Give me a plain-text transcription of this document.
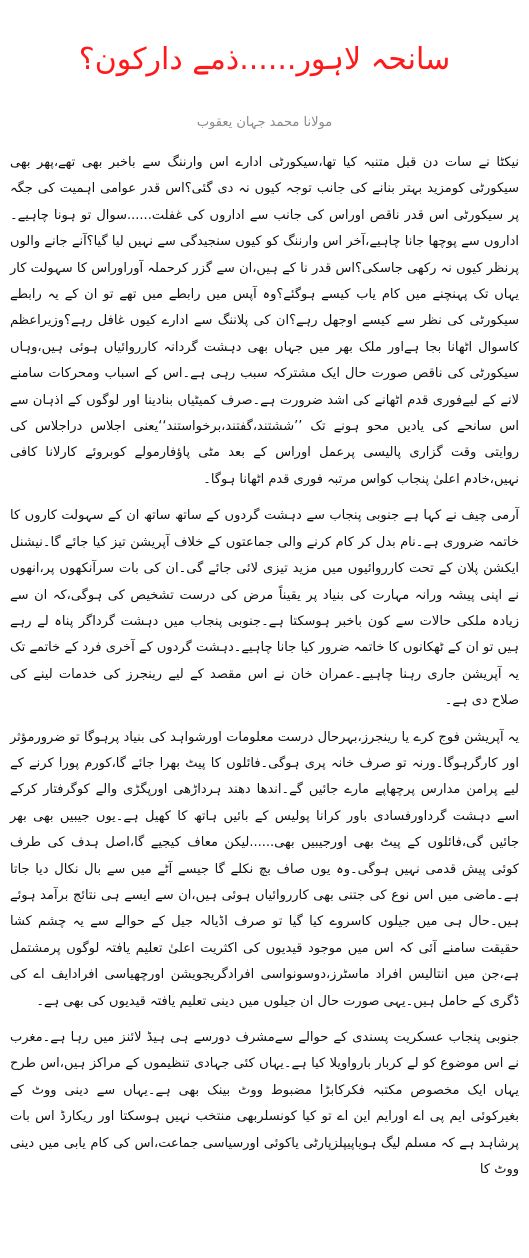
سانحہ لاہور......ذمے دارکون؟
مولانا محمد جہان یعقوب

نیکٹا نے سات دن قبل متنبہ کیا تھا،سیکورٹی ادارے اس وارننگ سے باخبر بھی تھے،پھر بھی سیکورٹی کومزید بہتر بنانے کی جانب توجہ کیوں نہ دی گئی؟اس قدر عوامی اہمیت کی جگہ پر سیکورٹی اس قدر ناقص اوراس کی جانب سے اداروں کی غفلت......سوال تو ہونا چاہیے۔اداروں سے پوچھا جانا چاہیے،آخر اس وارننگ کو کیوں سنجیدگی سے نہیں لیا گیا؟آنے جانے والوں پرنظر کیوں نہ رکھی جاسکی؟اس قدر نا کے ہیں،ان سے گزر کرحملہ آوراوراس کا سہولت کار یہاں تک پہنچنے میں کام یاب کیسے ہوگئے؟وہ آپس میں رابطے میں تھے تو ان کے یہ رابطے سیکورٹی کی نظر سے کیسے اوجھل رہے؟ان کی پلاننگ سے ادارے کیوں غافل رہے؟وزیراعظم کاسوال اٹھانا بجا ہےاور ملک بھر میں جہاں بھی دہشت گردانہ کارروائیاں ہوئی ہیں،وہاں سیکورٹی کی ناقص صورت حال ایک مشترکہ سبب رہی ہے۔اس کے اسباب ومحرکات سامنے لانے کے لیےفوری قدم اٹھانے کی اشد ضرورت ہے۔صرف کمیٹیاں بنادینا اور لوگوں کے اذہان سے اس سانحے کی یادیں محو ہونے تک ’’ششتند،گفتند،برخواستند‘‘یعنی اجلاس دراجلاس کی روایتی وقت گزاری پالیسی پرعمل اوراس کے بعد مٹی پاؤفارمولے کوبروئے کارلانا کافی نہیں،خادم اعلیٰ پنجاب کواس مرتبہ فوری قدم اٹھانا ہوگا۔

آرمی چیف نے کہا ہے جنوبی پنجاب سے دہشت گردوں کے ساتھ ساتھ ان کے سہولت کاروں کا خاتمہ ضروری ہے۔نام بدل کر کام کرنے والی جماعتوں کے خلاف آپریشن تیز کیا جائے گا۔نیشنل ایکشن پلان کے تحت کارروائیوں میں مزید تیزی لائی جائے گی۔ان کی بات سرآنکھوں پر،انھوں نے اپنی پیشہ ورانہ مہارت کی بنیاد پر یقیناً مرض کی درست تشخیص کی ہوگی،کہ ان سے زیادہ ملکی حالات سے کون باخبر ہوسکتا ہے۔جنوبی پنجاب میں دہشت گرداگر پناہ لے رہے ہیں تو ان کے ٹھکانوں کا خاتمہ ضرور کیا جانا چاہیے۔دہشت گردوں کے آخری فرد کے خاتمے تک یہ آپریشن جاری رہنا چاہیے۔عمران خان نے اس مقصد کے لیے رینجرز کی خدمات لینے کی صلاح دی ہے۔

یہ آپریشن فوج کرے یا رینجرز،بہرحال درست معلومات اورشواہد کی بنیاد پرہوگا تو ضرورمؤثر اور کارگرہوگا۔ورنہ تو صرف خانہ پری ہوگی۔فائلوں کا پیٹ بھرا جائے گا،کورم پورا کرنے کے لیے پرامن مدارس پرچھاپے مارے جائیں گے۔اندھا دھند ہرداڑھی اورپگڑی والے کوگرفتار کرکے اسے دہشت گرداورفسادی باور کرانا پولیس کے بائیں ہاتھ کا کھیل ہے۔یوں جیبیں بھی بھر جائیں گی،فائلوں کے پیٹ بھی اورجیبیں بھی......لیکن معاف کیجیے گا،اصل ہدف کی طرف کوئی پیش قدمی نہیں ہوگی۔وہ یوں صاف بچ نکلے گا جیسے آٹے میں سے بال نکال دیا جاتا ہے۔ماضی میں اس نوع کی جتنی بھی کارروائیاں ہوئی ہیں،ان سے ایسے ہی نتائج برآمد ہوئے ہیں۔حال ہی میں جیلوں کاسروے کیا گیا تو صرف اڈیالہ جیل کے حوالے سے یہ چشم کشا حقیقت سامنے آئی کہ اس میں موجود قیدیوں کی اکثریت اعلیٰ تعلیم یافتہ لوگوں پرمشتمل ہے،جن میں انتالیس افراد ماسٹرز،دوسونواسی افرادگریجویشن اورچھیاسی افرادایف اے کی ڈگری کے حامل ہیں۔یہی صورت حال ان جیلوں میں دینی تعلیم یافتہ قیدیوں کی بھی ہے۔

جنوبی پنجاب عسکریت پسندی کے حوالے سےمشرف دورسے ہی ہیڈ لائنز میں رہا ہے۔مغرب نے اس موضوع کو لے کربار بارواویلا کیا ہے۔یہاں کئی جہادی تنظیموں کے مراکز ہیں،اس طرح یہاں ایک مخصوص مکتبہ فکرکابڑا مضبوط ووٹ بینک بھی ہے۔یہاں سے دینی ووٹ کے بغیرکوئی ایم پی اے اورایم این اے تو کیا کونسلربھی منتخب نہیں ہوسکتا اور ریکارڈ اس بات پرشاہد ہے کہ مسلم لیگ ہویاپیپلزپارٹی یاکوئی اورسیاسی جماعت،اس کی کام یابی میں دینی ووٹ کا
